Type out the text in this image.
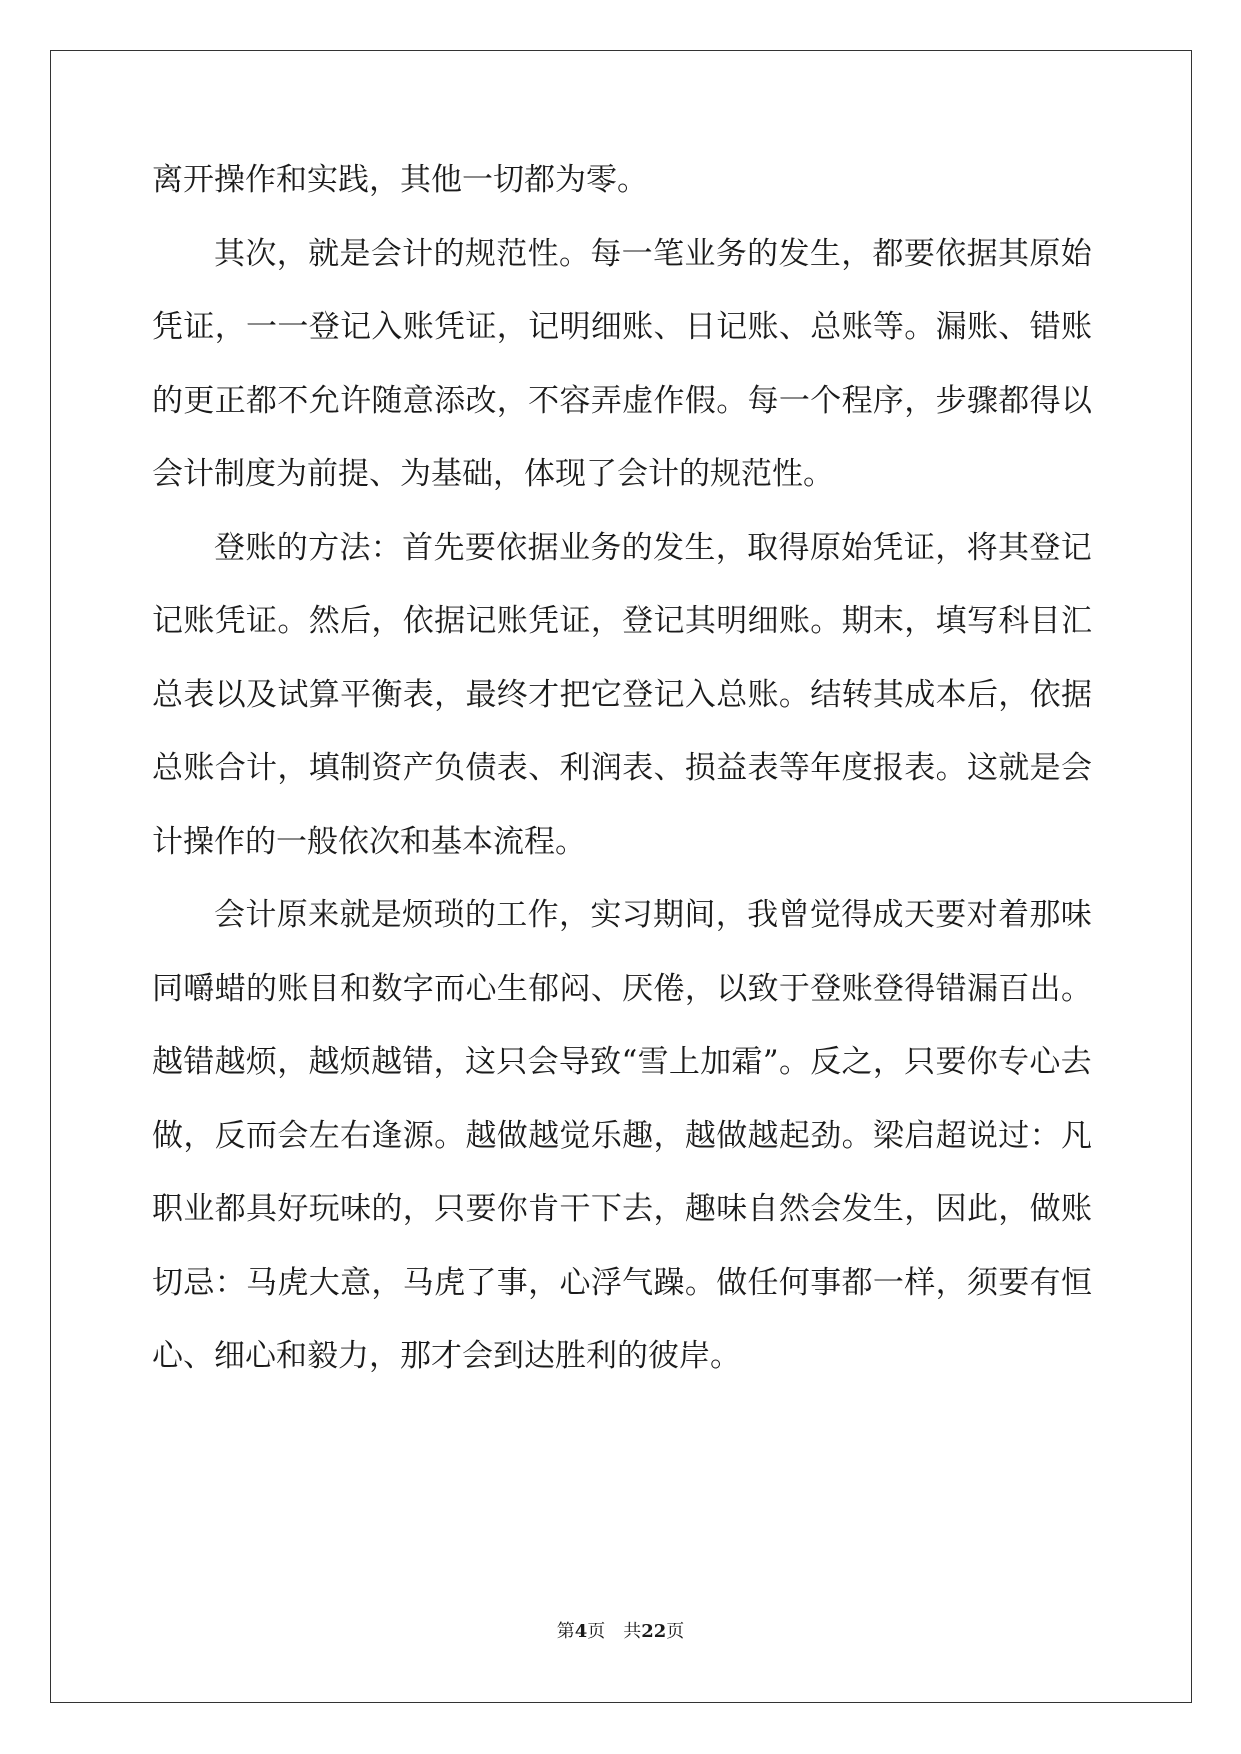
离开操作和实践，其他一切都为零。
其 次 ， 就 是 会 计 的 规 范 性 。 每 一 笔 业 务 的 发 生 ， 都 要 依 据 其 原 始
凭 证 ， 一 一 登 记 入 账 凭 证 ， 记 明 细 账 、 日 记 账 、 总 账 等 。 漏 账 、 错 账
的 更 正 都 不 允 许 随 意 添 改 ， 不 容 弄 虚 作 假 。 每 一 个 程 序 ， 步 骤 都 得 以
会计制度为前提、为基础，体现了会计的规范性。
登 账 的 方 法 ： 首 先 要 依 据 业 务 的 发 生 ， 取 得 原 始 凭 证 ， 将 其 登 记
记 账 凭 证 。 然 后 ， 依 据 记 账 凭 证 ， 登 记 其 明 细 账 。 期 末 ， 填 写 科 目 汇
总 表 以 及 试 算 平 衡 表 ， 最 终 才 把 它 登 记 入 总 账 。 结 转 其 成 本 后 ， 依 据
总 账 合 计 ， 填 制 资 产 负 债 表 、 利 润 表 、 损 益 表 等 年 度 报 表 。 这 就 是 会
计操作的一般依次和基本流程。
会 计 原 来 就 是 烦 琐 的 工 作 ， 实 习 期 间 ， 我 曾 觉 得 成 天 要 对 着 那 味
同 嚼 蜡 的 账 目 和 数 字 而 心 生 郁 闷 、 厌 倦 ， 以 致 于 登 账 登 得 错 漏 百 出 。
越 错 越 烦 ， 越 烦 越 错 ， 这 只 会 导 致 “ 雪 上 加 霜 ” 。 反 之 ， 只 要 你 专 心 去
做 ， 反 而 会 左 右 逢 源 。 越 做 越 觉 乐 趣 ， 越 做 越 起 劲 。 梁 启 超 说 过 ： 凡
职 业 都 具 好 玩 味 的 ， 只 要 你 肯 干 下 去 ， 趣 味 自 然 会 发 生 ， 因 此 ， 做 账
切 忌 ： 马 虎 大 意 ， 马 虎 了 事 ， 心 浮 气 躁 。 做 任 何 事 都 一 样 ， 须 要 有 恒
心、细心和毅力，那才会到达胜利的彼岸。
第4页　共22页
